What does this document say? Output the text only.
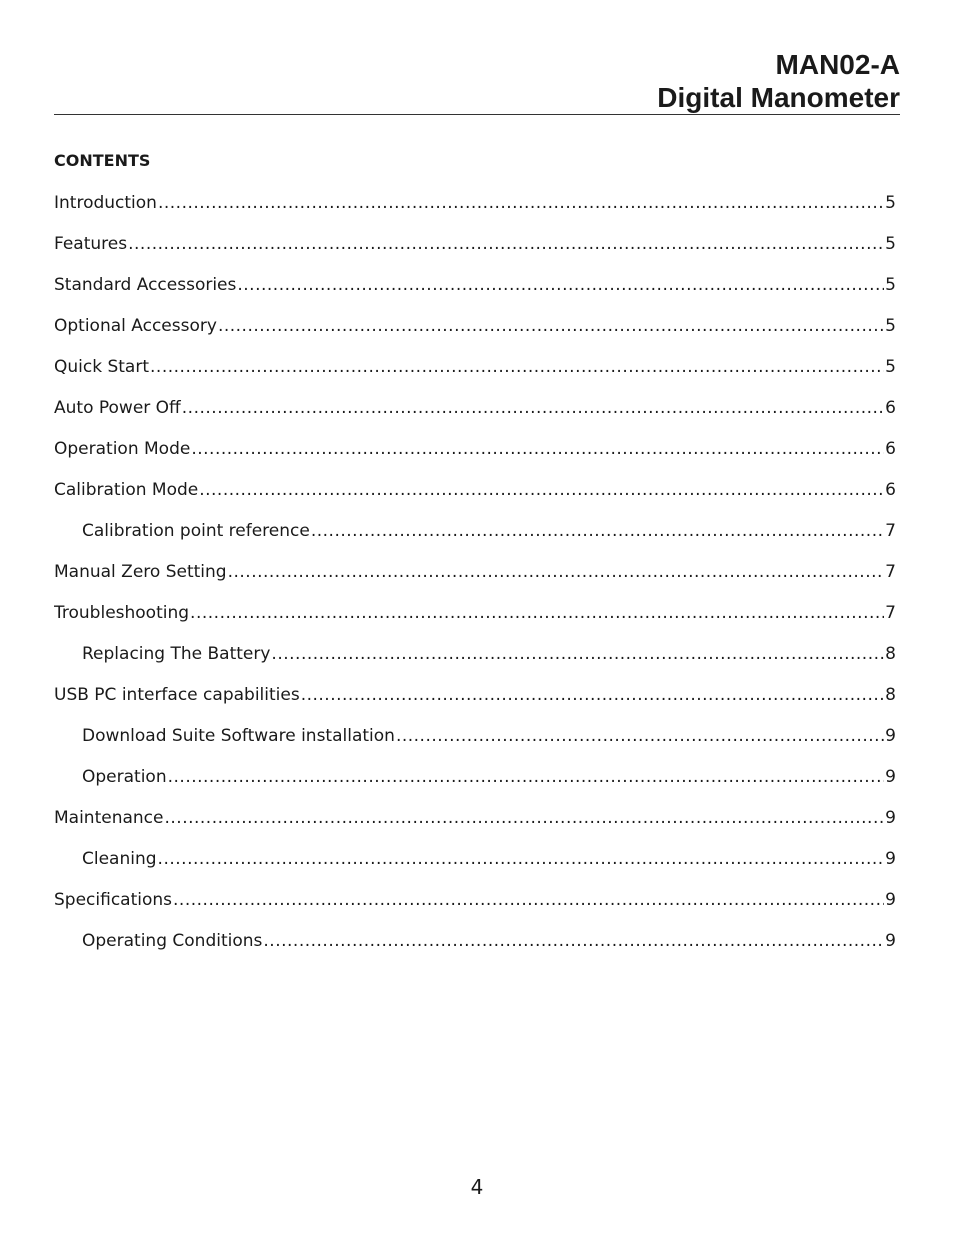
MAN02-A
Digital Manometer
CONTENTS
Introduction .....	5
Features .....	5
Standard Accessories .....	5
Optional Accessory .....	5
Quick Start .....	5
Auto Power Off .....	6
Operation Mode .....	6
Calibration Mode .....	6
Calibration point reference .....	7
Manual Zero Setting .....	7
Troubleshooting .....	7
Replacing The Battery .....	8
USB PC interface capabilities .....	8
Download Suite Software installation .....	9
Operation .....	9
Maintenance .....	9
Cleaning .....	9
Specifications .....	9
Operating Conditions .....	9
4
